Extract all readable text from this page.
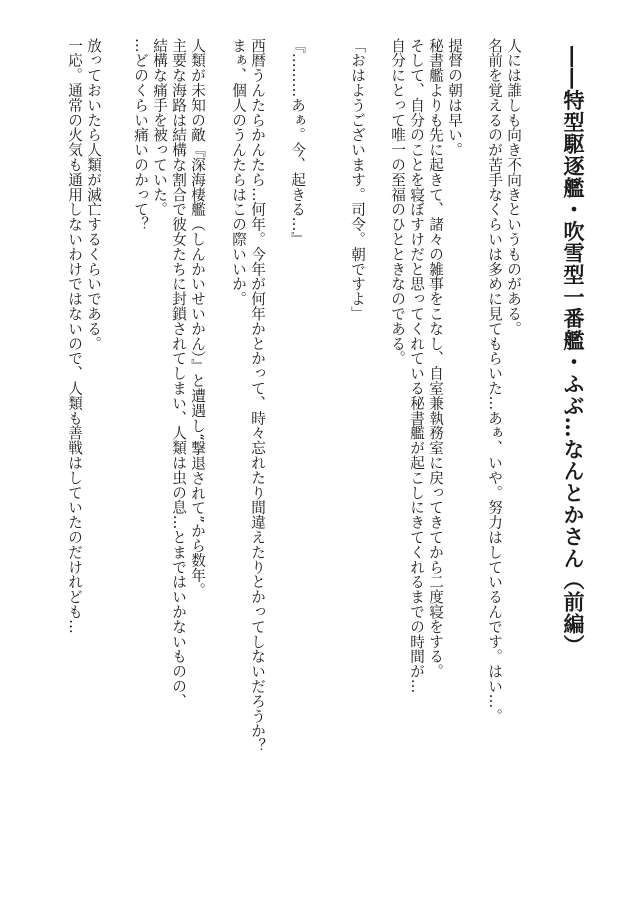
――特型駆逐艦・吹雪型一番艦・ふぶ…なんとかさん（前編）
人には誰しも向き不向きというものがある。
名前を覚えるのが苦手なくらいは多めに見てもらいた…あぁ、いや。努力はしているんです。はい…。
提督の朝は早い。
秘書艦よりも先に起きて、諸々の雑事をこなし、自室兼執務室に戻ってきてから二度寝をする。
そして、自分のことを寝ぼすけだと思ってくれている秘書艦が起こしにきてくれるまでの時間が…
自分にとって唯一の至福のひとときなのである。
「おはようございます。司令。朝ですよ」
『………あぁ。今、起きる…』
西暦うんたらかんたら…何年。今年が何年かとかって、時々忘れたり間違えたりとかってしないだろうか？
まぁ、個人のうんたらはこの際いいか。
人類が未知の敵『深海棲艦（しんかいせいかん）』と遭遇し“撃退されて”から数年。
主要な海路は結構な割合で彼女たちに封鎖されてしまい、人類は虫の息…とまではいかないものの、
結構な痛手を被っていた。
…どのくらい痛いのかって？
放っておいたら人類が滅亡するくらいである。
一応。通常の火気も通用しないわけではないので、人類も善戦はしていたのだけれども…
